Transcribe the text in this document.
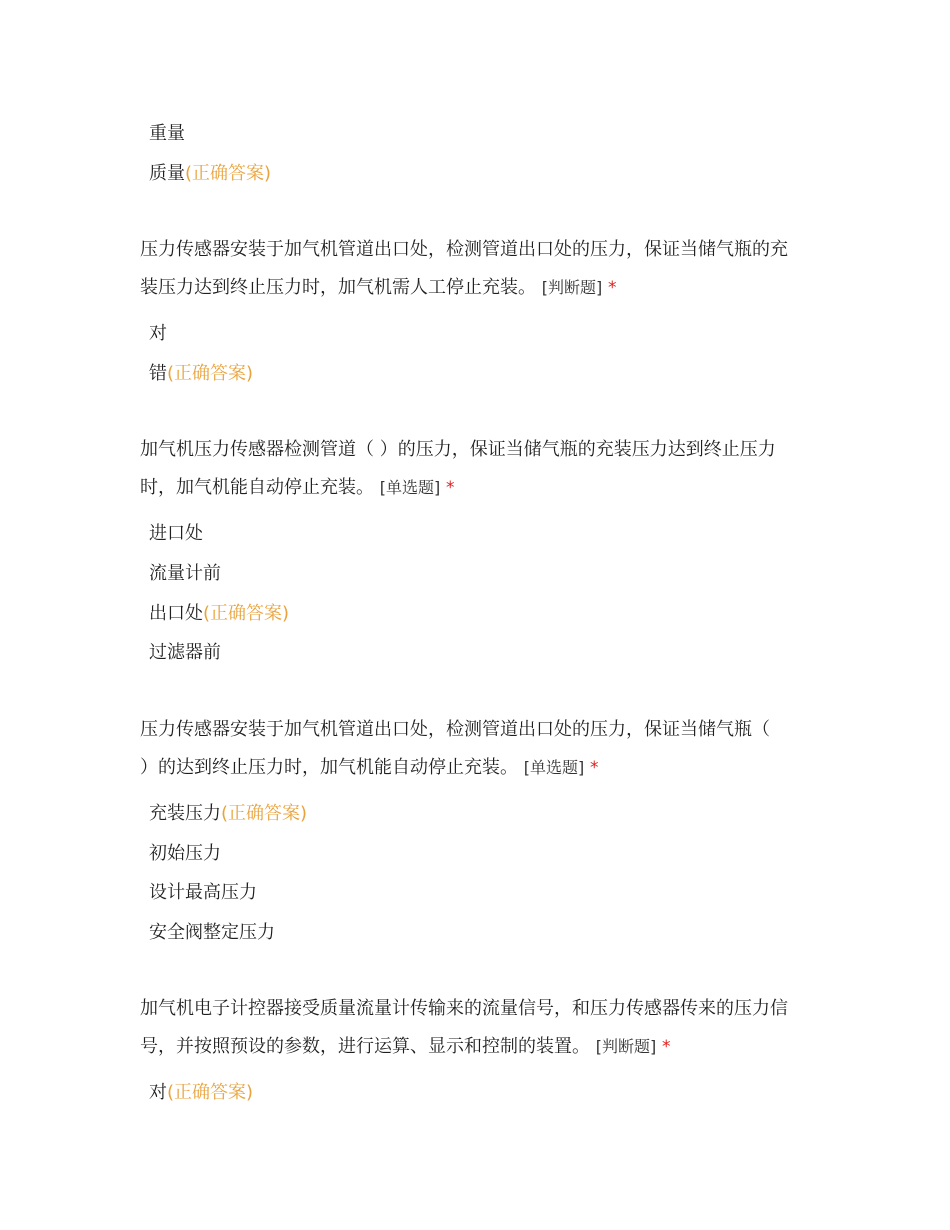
重量
质量(正确答案)
压力传感器安装于加气机管道出口处，检测管道出口处的压力，保证当储气瓶的充
装压力达到终止压力时，加气机需人工停止充装。 [判断题] *
对
错(正确答案)
加气机压力传感器检测管道（ ）的压力，保证当储气瓶的充装压力达到终止压力
时，加气机能自动停止充装。 [单选题] *
进口处
流量计前
出口处(正确答案)
过滤器前
压力传感器安装于加气机管道出口处，检测管道出口处的压力，保证当储气瓶（
）的达到终止压力时，加气机能自动停止充装。 [单选题] *
充装压力(正确答案)
初始压力
设计最高压力
安全阀整定压力
加气机电子计控器接受质量流量计传输来的流量信号，和压力传感器传来的压力信
号，并按照预设的参数，进行运算、显示和控制的装置。 [判断题] *
对(正确答案)
